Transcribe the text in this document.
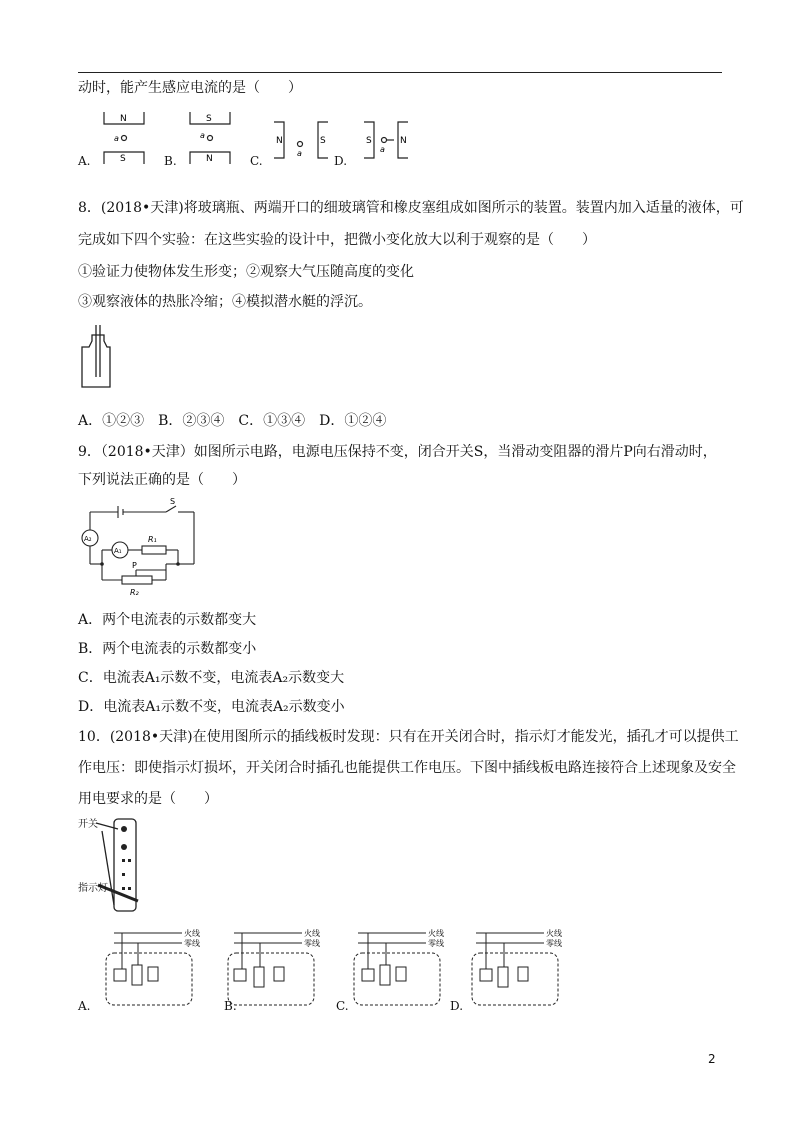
动时，能产生感应电流的是（　　）
N
S
a
S
N
a
N	S
a
S	N
a
A.	B.	C.	D.
8．(2018•天津)将玻璃瓶、两端开口的细玻璃管和橡皮塞组成如图所示的装置。装置内加入适量的液体，可
完成如下四个实验：在这些实验的设计中，把微小变化放大以利于观察的是（　　）
①验证力使物体发生形变；②观察大气压随高度的变化
③观察液体的热胀冷缩；④模拟潜水艇的浮沉。
A．①②③　B．②③④　C．①③④　D．①②④
9．（2018•天津）如图所示电路，电源电压保持不变，闭合开关S，当滑动变阻器的滑片P向右滑动时，
下列说法正确的是（　　）
S
A₂
A₁
R₁
P
R₂
A．两个电流表的示数都变大
B．两个电流表的示数都变小
C．电流表A₁示数不变，电流表A₂示数变大
D．电流表A₁示数不变，电流表A₂示数变小
10．(2018•天津)在使用图所示的插线板时发现：只有在开关闭合时，指示灯才能发光，插孔才可以提供工
作电压：即使指示灯损坏，开关闭合时插孔也能提供工作电压。下图中插线板电路连接符合上述现象及安全
用电要求的是（　　）
开关
指示灯
火线
零线
火线
零线
火线
零线
火线
零线
A.	B.	C.	D.
2
